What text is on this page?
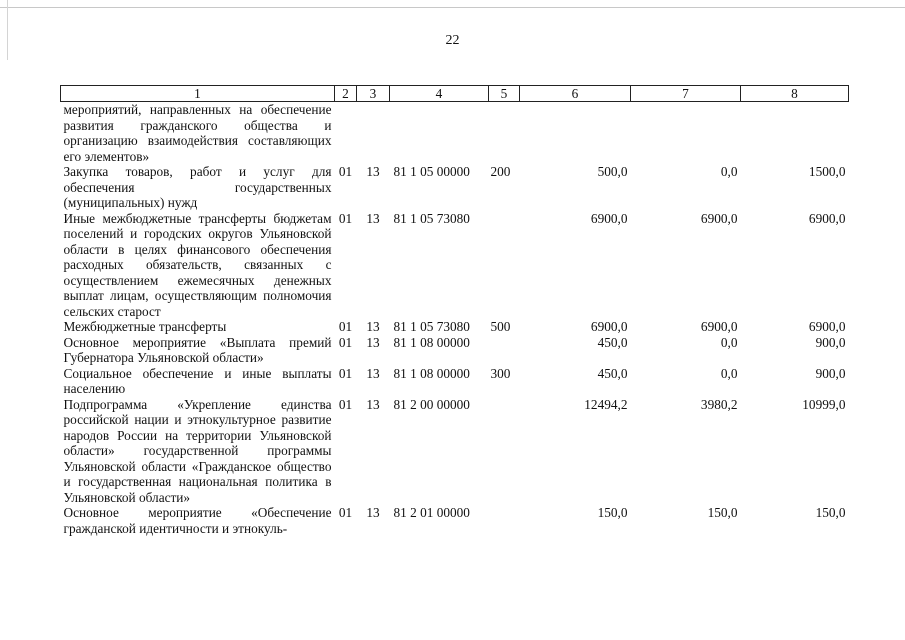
22
1	2	3	4	5	6	7	8
мероприятий, направленных на обеспечение развития гражданского общества и организацию взаимодействия составляющих его элементов»							
Закупка товаров, работ и услуг для обеспечения государственных (муниципальных) нужд	01	13	81 1 05 00000	200	500,0	0,0	1500,0
Иные межбюджетные трансферты бюджетам поселений и городских округов Ульяновской области в целях финансового обеспечения расходных обязательств, связанных с осуществлением ежемесячных денежных выплат лицам, осуществляющим полномочия сельских старост	01	13	81 1 05 73080		6900,0	6900,0	6900,0
Межбюджетные трансферты	01	13	81 1 05 73080	500	6900,0	6900,0	6900,0
Основное мероприятие «Выплата премий Губернатора Ульяновской области»	01	13	81 1 08 00000		450,0	0,0	900,0
Социальное обеспечение и иные выплаты населению	01	13	81 1 08 00000	300	450,0	0,0	900,0
Подпрограмма «Укрепление единства российской нации и этнокультурное развитие народов России на территории Ульяновской области» государственной программы Ульяновской области «Гражданское общество и государственная национальная политика в Ульяновской области»	01	13	81 2 00 00000		12494,2	3980,2	10999,0
Основное мероприятие «Обеспечение гражданской идентичности и этнокуль-	01	13	81 2 01 00000		150,0	150,0	150,0
